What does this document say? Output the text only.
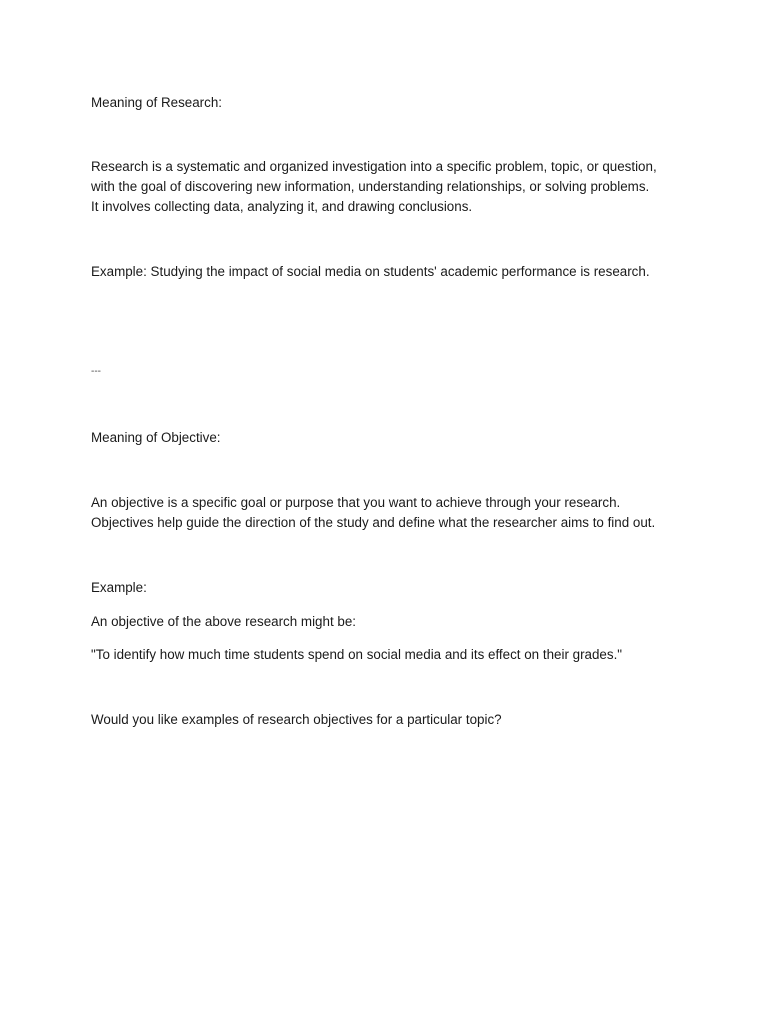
Meaning of Research:

Research is a systematic and organized investigation into a specific problem, topic, or question,
with the goal of discovering new information, understanding relationships, or solving problems.
It involves collecting data, analyzing it, and drawing conclusions.

Example: Studying the impact of social media on students' academic performance is research.

---

Meaning of Objective:

An objective is a specific goal or purpose that you want to achieve through your research.
Objectives help guide the direction of the study and define what the researcher aims to find out.

Example:

An objective of the above research might be:

"To identify how much time students spend on social media and its effect on their grades."

Would you like examples of research objectives for a particular topic?
